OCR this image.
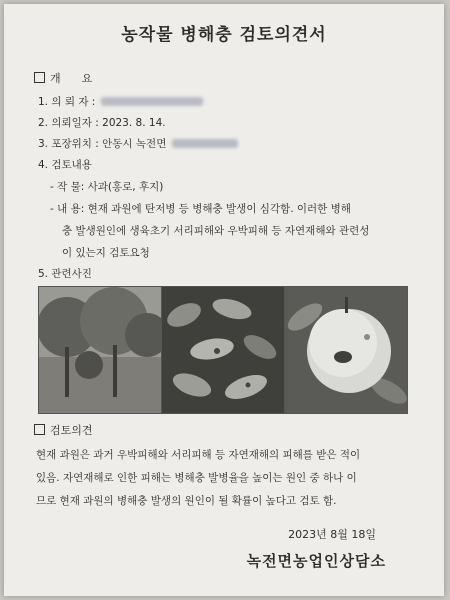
농작물 병해충 검토의견서
개      요
1. 의 뢰 자 :
2. 의뢰일자 : 2023. 8. 14.
3. 포장위치 : 안동시 녹전면
4. 검토내용
- 작 물: 사과(홍로, 후지)
- 내 용: 현재 과원에 탄저병 등 병해충 발생이 심각함. 이러한 병해
충 발생원인에 생육초기 서리피해와 우박피해 등 자연재해와 관련성
이 있는지 검토요청
5. 관련사진
검토의견
현재 과원은 과거 우박피해와 서리피해 등 자연재해의 피해를 받은 적이
있음. 자연재해로 인한 피해는 병해충 발병율을 높이는 원인 중 하나 이
므로 현재 과원의 병해충 발생의 원인이 될 확률이 높다고 검토 함.
2023년 8월 18일
녹전면농업인상담소
